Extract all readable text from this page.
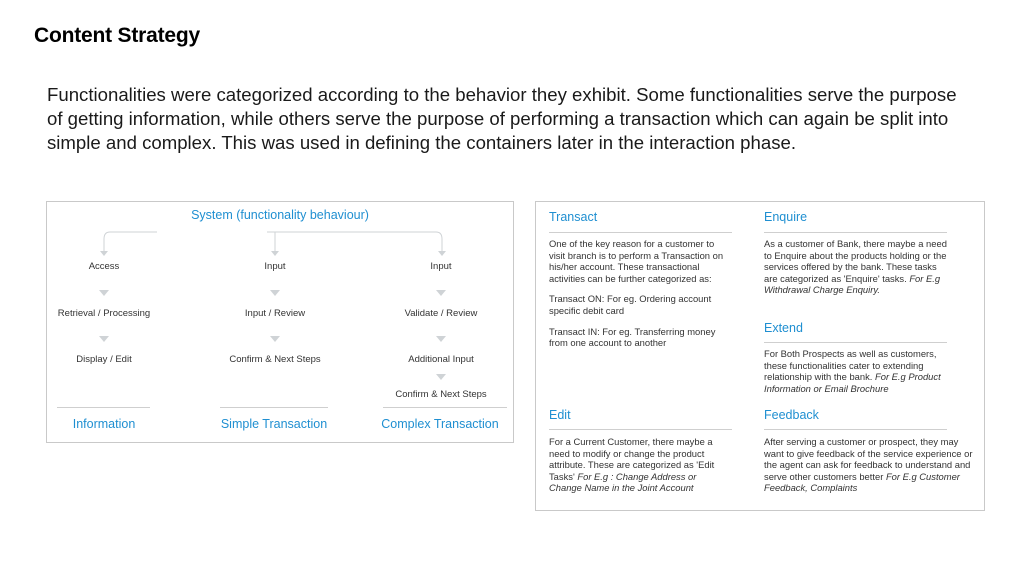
Content Strategy
Functionalities were categorized according to the behavior they exhibit. Some functionalities serve the purpose of getting information, while others serve the purpose of performing a transaction which can again be split into simple and complex. This was used in defining the containers later in the interaction phase.
System (functionality behaviour)
Access
Retrieval / Processing
Display / Edit
Information
Input
Input / Review
Confirm & Next Steps
Simple Transaction
Input
Validate / Review
Additional Input
Confirm & Next Steps
Complex Transaction
Transact
One of the key reason for a customer to visit branch is to perform a Transaction on his/her account. These transactional activities can be further categorized as:
Transact ON: For eg. Ordering account specific debit card
Transact IN: For eg. Transferring money from one account to another
Enquire
As a customer of Bank, there maybe a need to Enquire about the products holding or the services offered by the bank. These tasks are categorized as 'Enquire' tasks. For E.g Withdrawal Charge Enquiry.
Extend
For Both Prospects as well as customers, these functionalities cater to extending relationship with the bank. For E.g Product Information or Email Brochure
Edit
For a Current Customer, there maybe a need to modify or change the product attribute. These are categorized as 'Edit Tasks' For E.g : Change Address or Change Name in the Joint Account
Feedback
After serving a customer or prospect, they may want to give feedback of the service experience or the agent can ask for feedback to understand and serve other customers better For E.g Customer Feedback, Complaints
